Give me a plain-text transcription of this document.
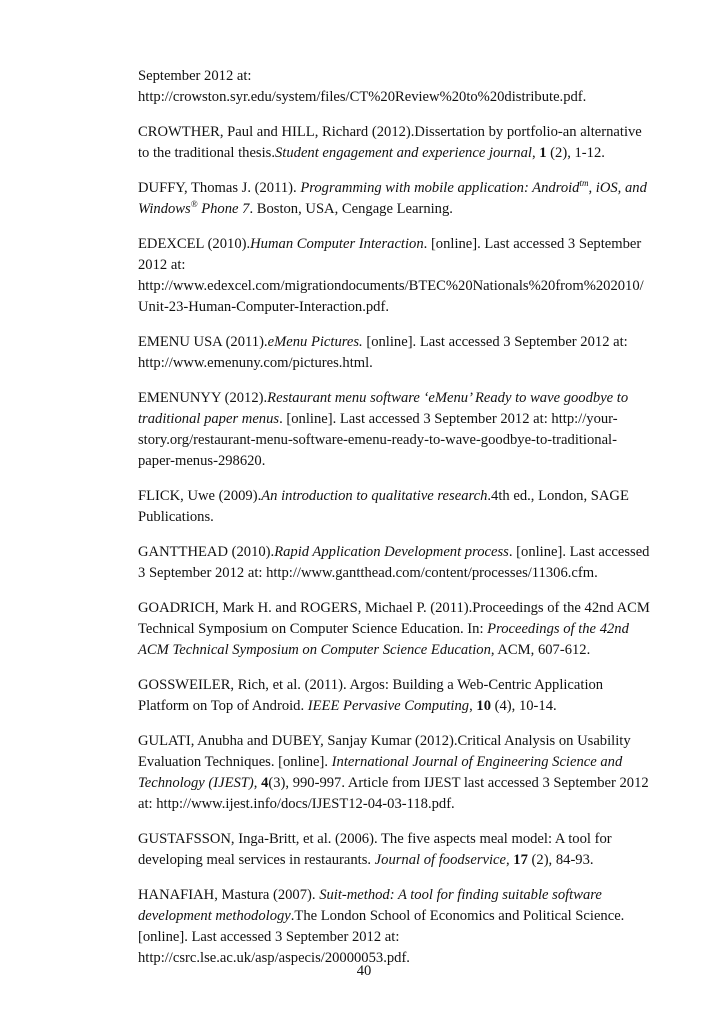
September 2012 at:
http://crowston.syr.edu/system/files/CT%20Review%20to%20distribute.pdf.
CROWTHER, Paul and HILL, Richard (2012).Dissertation by portfolio-an alternative
to the traditional thesis.Student engagement and experience journal, 1 (2), 1-12.
DUFFY, Thomas J. (2011). Programming with mobile application: Android$^{tm}$, iOS, and
Windows® Phone 7. Boston, USA, Cengage Learning.
EDEXCEL (2010).Human Computer Interaction. [online]. Last accessed 3 September
2012 at:
http://www.edexcel.com/migrationdocuments/BTEC%20Nationals%20from%202010/
Unit-23-Human-Computer-Interaction.pdf.
EMENU USA (2011).eMenu Pictures. [online]. Last accessed 3 September 2012 at:
http://www.emenuny.com/pictures.html.
EMENUNYY (2012).Restaurant menu software ‘eMenu’ Ready to wave goodbye to
traditional paper menus. [online]. Last accessed 3 September 2012 at: http://your-
story.org/restaurant-menu-software-emenu-ready-to-wave-goodbye-to-traditional-
paper-menus-298620.
FLICK, Uwe (2009).An introduction to qualitative research.4th ed., London, SAGE
Publications.
GANTTHEAD (2010).Rapid Application Development process. [online]. Last accessed
3 September 2012 at: http://www.gantthead.com/content/processes/11306.cfm.
GOADRICH, Mark H. and ROGERS, Michael P. (2011).Proceedings of the 42nd ACM
Technical Symposium on Computer Science Education. In: Proceedings of the 42nd
ACM Technical Symposium on Computer Science Education, ACM, 607-612.
GOSSWEILER, Rich, et al. (2011). Argos: Building a Web-Centric Application
Platform on Top of Android. IEEE Pervasive Computing, 10 (4), 10-14.
GULATI, Anubha and DUBEY, Sanjay Kumar (2012).Critical Analysis on Usability
Evaluation Techniques. [online]. International Journal of Engineering Science and
Technology (IJEST), 4(3), 990-997. Article from IJEST last accessed 3 September 2012
at: http://www.ijest.info/docs/IJEST12-04-03-118.pdf.
GUSTAFSSON, Inga-Britt, et al. (2006). The five aspects meal model: A tool for
developing meal services in restaurants. Journal of foodservice, 17 (2), 84-93.
HANAFIAH, Mastura (2007). Suit-method: A tool for finding suitable software
development methodology.The London School of Economics and Political Science.
[online]. Last accessed 3 September 2012 at:
http://csrc.lse.ac.uk/asp/aspecis/20000053.pdf.
40
